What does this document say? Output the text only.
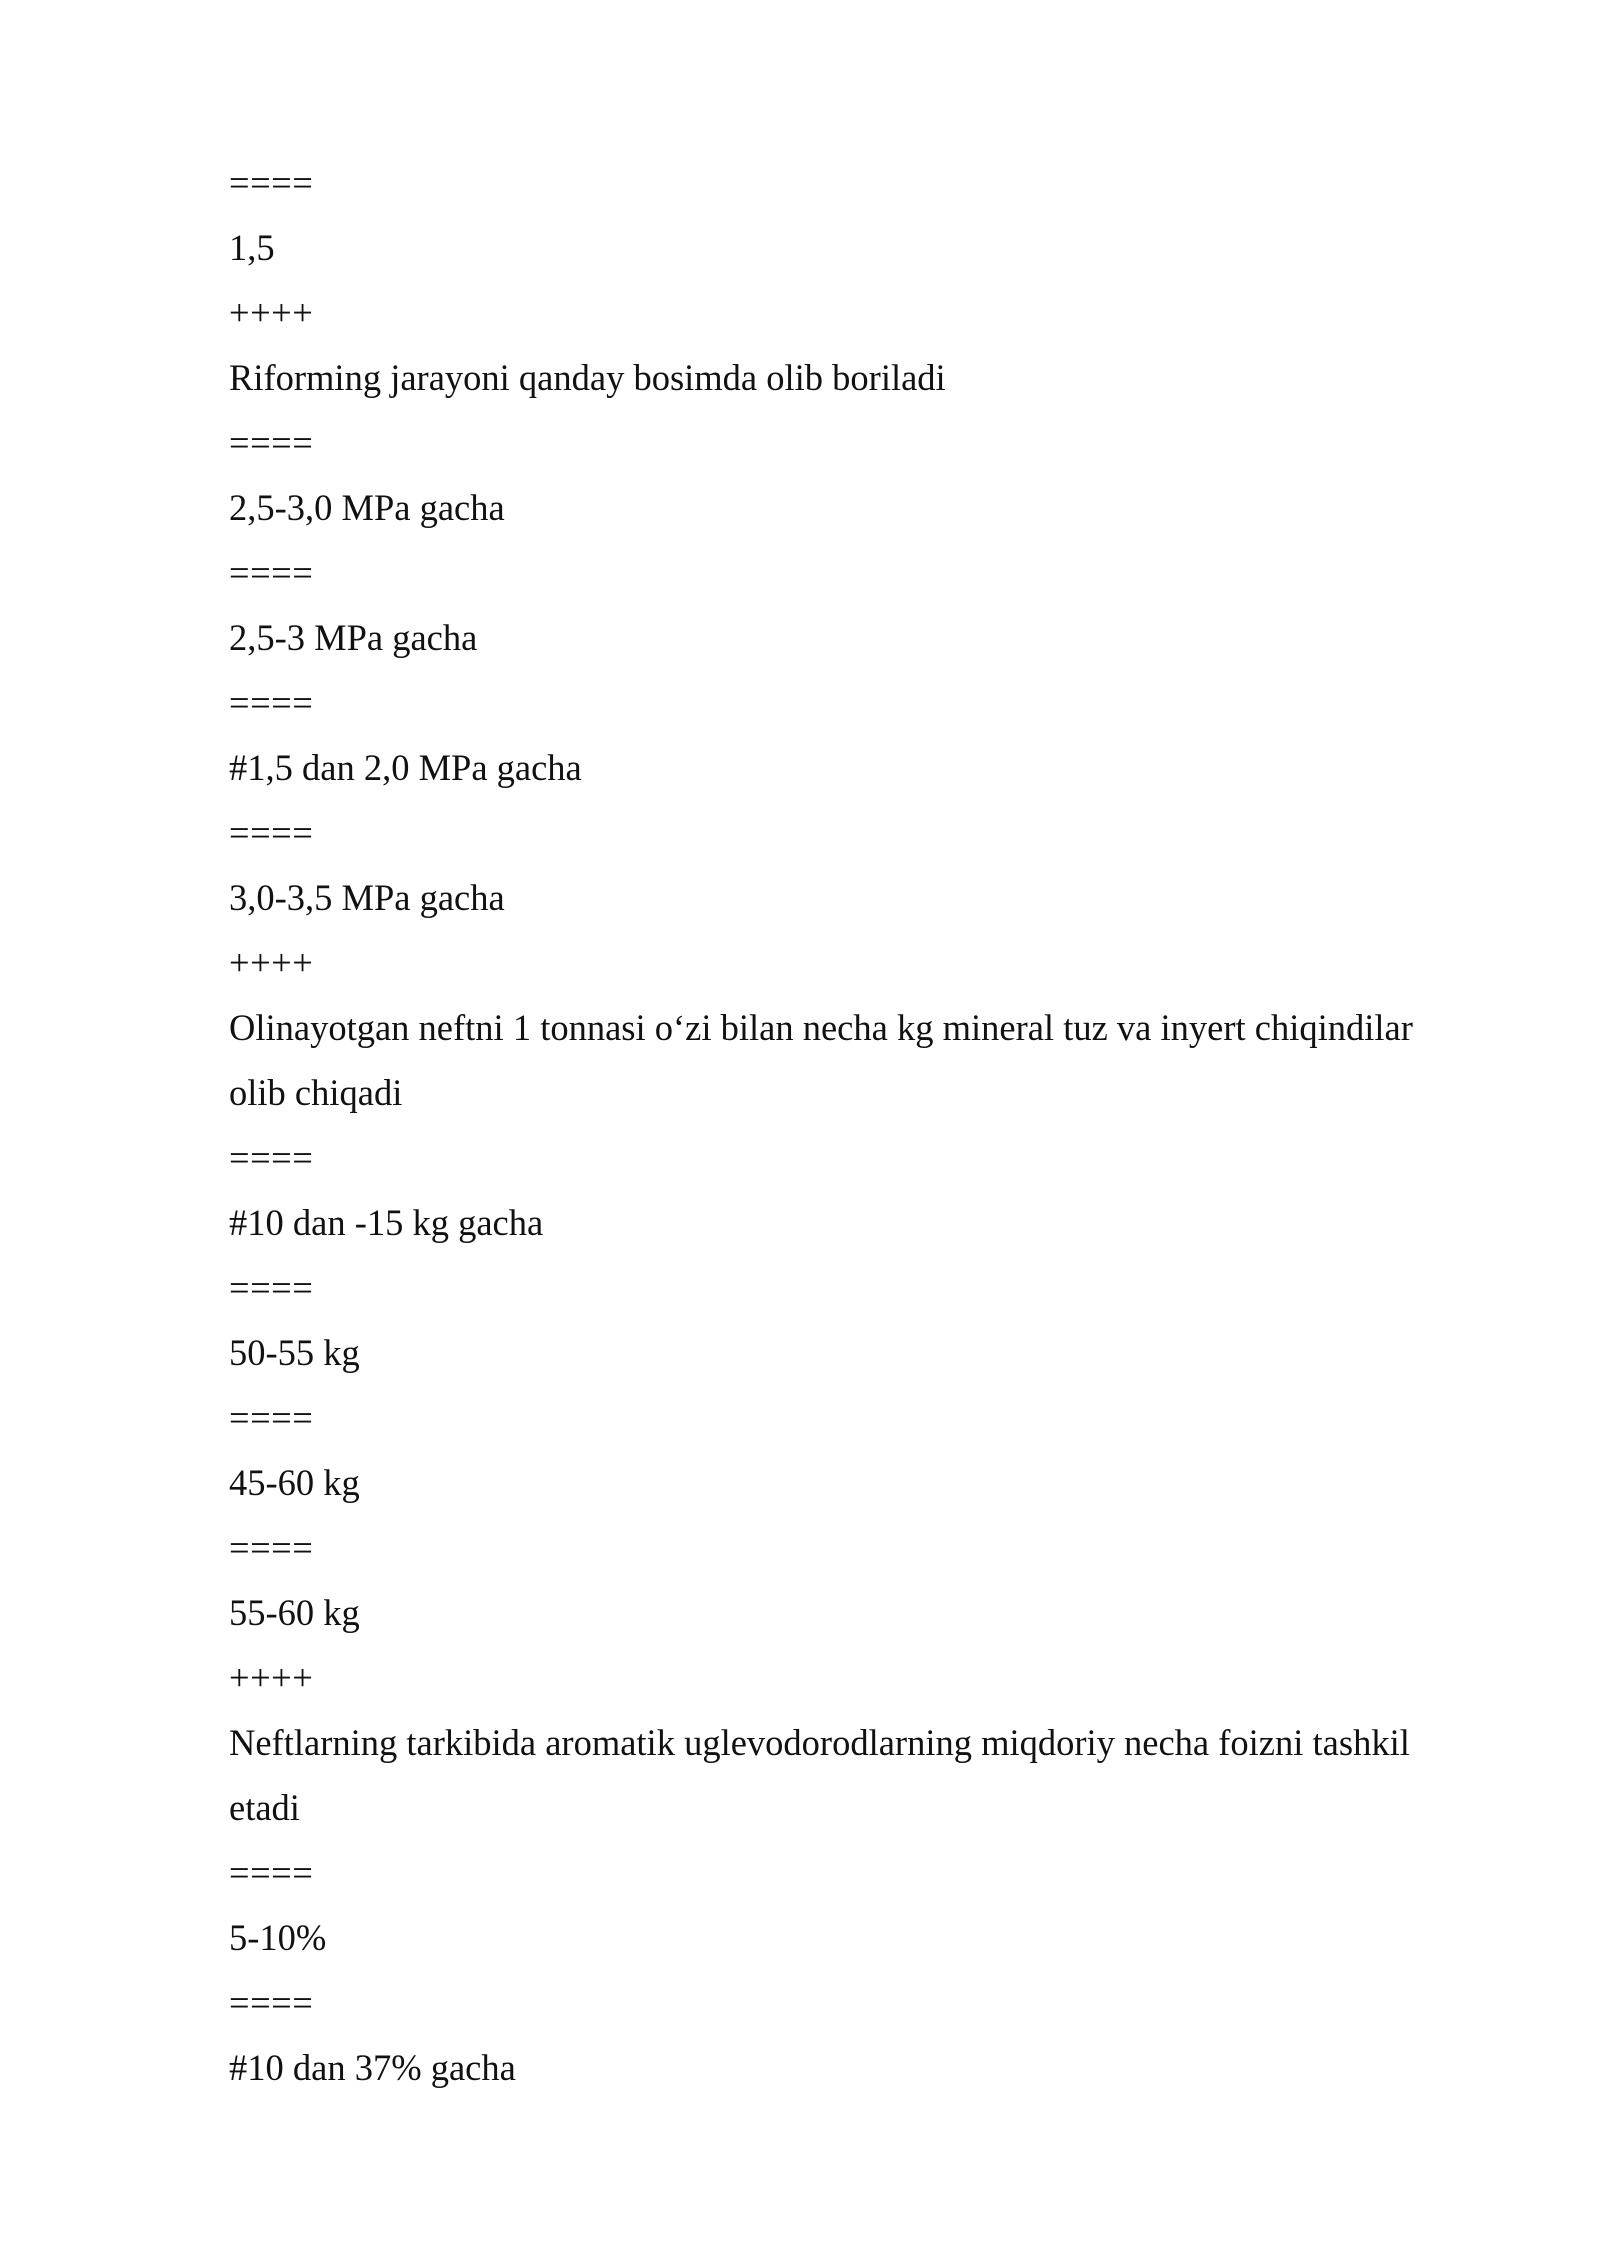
====
1,5
++++
Riforming jarayoni qanday bosimda olib boriladi
====
2,5-3,0 MPa gacha
====
2,5-3 MPa gacha
====
#1,5 dan 2,0 MPa gacha
====
3,0-3,5 MPa gacha
++++
Olinayotgan neftni 1 tonnasi o‘zi bilan necha kg mineral tuz va inyert chiqindilar olib chiqadi
====
#10 dan -15 kg gacha
====
50-55 kg
====
45-60 kg
====
55-60 kg
++++
Neftlarning tarkibida aromatik uglevodorodlarning miqdoriy necha foizni tashkil etadi
====
5-10%
====
#10 dan 37% gacha
